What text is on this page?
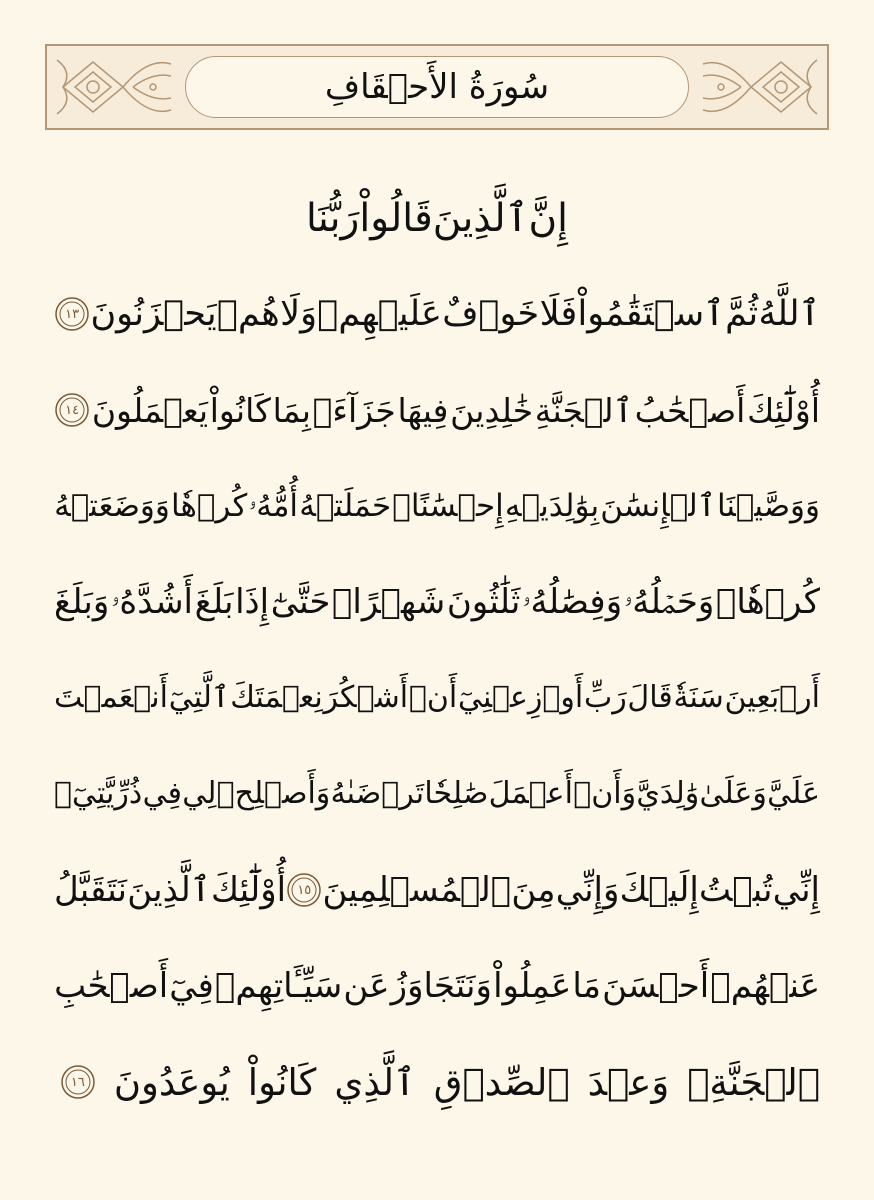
سُورَةُ الأَحۡقَافِ
إِنَّ
ٱلَّذِينَ
قَالُواْ
رَبُّنَا
ٱللَّهُ
ثُمَّ
ٱسۡتَقَٰمُواْ
فَلَا
خَوۡفٌ
عَلَيۡهِمۡ
وَلَا
هُمۡ
يَحۡزَنُونَ
١٣
أُوْلَٰٓئِكَ
أَصۡحَٰبُ
ٱلۡجَنَّةِ
خَٰلِدِينَ
فِيهَا
جَزَآءَۢ
بِمَا
كَانُواْ
يَعۡمَلُونَ
١٤
وَوَصَّيۡنَا
ٱلۡإِنسَٰنَ
بِوَٰلِدَيۡهِ
إِحۡسَٰنًاۖ
حَمَلَتۡهُ
أُمُّهُۥ
كُرۡهٗا
وَوَضَعَتۡهُ
كُرۡهٗاۖ
وَحَمۡلُهُۥ
وَفِصَٰلُهُۥ
ثَلَٰثُونَ
شَهۡرًاۚ
حَتَّىٰٓ
إِذَا
بَلَغَ
أَشُدَّهُۥ
وَبَلَغَ
أَرۡبَعِينَ
سَنَةٗ
قَالَ
رَبِّ
أَوۡزِعۡنِيٓ
أَنۡ
أَشۡكُرَ
نِعۡمَتَكَ
ٱلَّتِيٓ
أَنۡعَمۡتَ
عَلَيَّ
وَعَلَىٰ
وَٰلِدَيَّ
وَأَنۡ
أَعۡمَلَ
صَٰلِحٗا
تَرۡضَىٰهُ
وَأَصۡلِحۡ
لِي
فِي
ذُرِّيَّتِيٓۖ
إِنِّي
تُبۡتُ
إِلَيۡكَ
وَإِنِّي
مِنَ
ٱلۡمُسۡلِمِينَ
١٥
أُوْلَٰٓئِكَ
ٱلَّذِينَ
نَتَقَبَّلُ
عَنۡهُمۡ
أَحۡسَنَ
مَا
عَمِلُواْ
وَنَتَجَاوَزُ
عَن
سَيِّـَٔاتِهِمۡ
فِيٓ
أَصۡحَٰبِ
ٱلۡجَنَّةِۖ
وَعۡدَ
ٱلصِّدۡقِ
ٱلَّذِي
كَانُواْ
يُوعَدُونَ
١٦
